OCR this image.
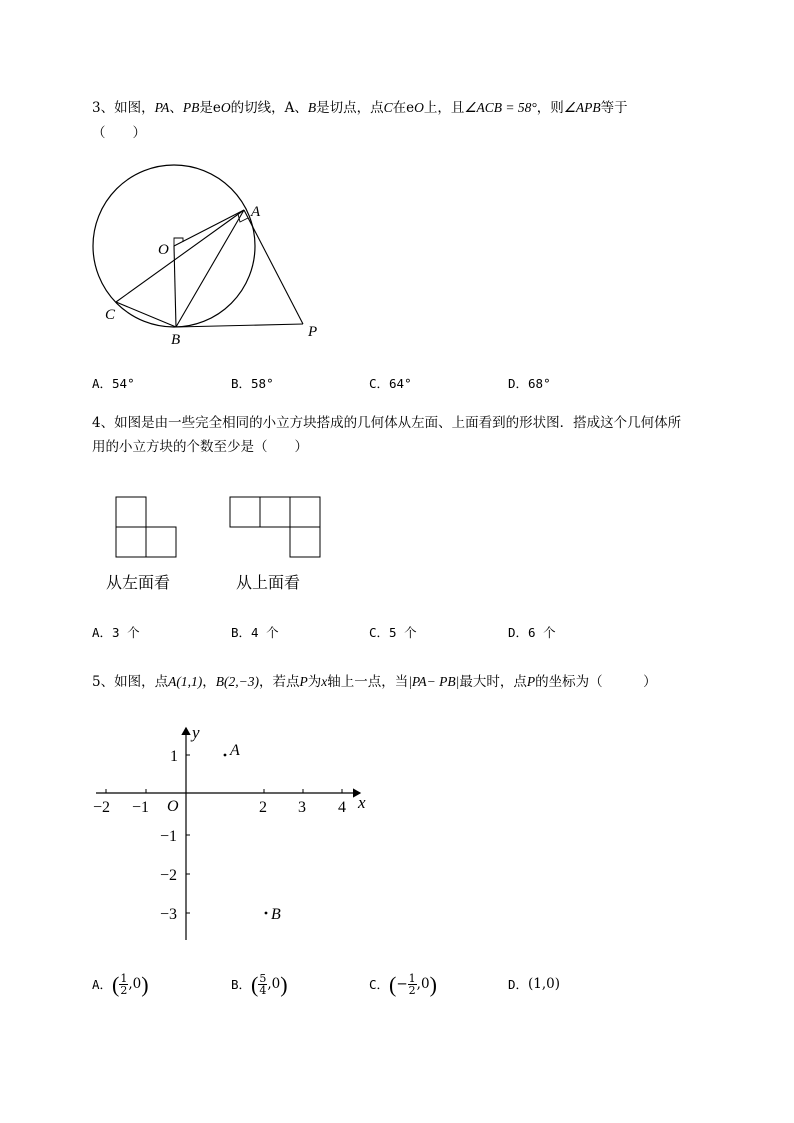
3、如图，PA、PB是eO的切线，A、B是切点，点C在eO上，且∠ACB = 58°，则∠APB等于
（　　）
A
O
C
B	P
A．54°	B．58°	C．64°	D．68°
4、如图是由一些完全相同的小立方块搭成的几何体从左面、上面看到的形状图．搭成这个几何体所
用的小立方块的个数至少是（　　）
从左面看	从上面看
A．3 个	B．4 个	C．5 个	D．6 个
5、如图，点A(1,1)，B(2,−3)，若点P为x轴上一点，当|PA− PB|最大时，点P的坐标为（　　　）
y
x
O
−2 −1	2 3 4
1
−1
−2
−3
A
B
A． ( $\frac{1}{2} ,0$ )	B． ( $\frac{5}{4} ,0$ )	C． ( − $\frac{1}{2} ,0$ )	D． (1,0)
